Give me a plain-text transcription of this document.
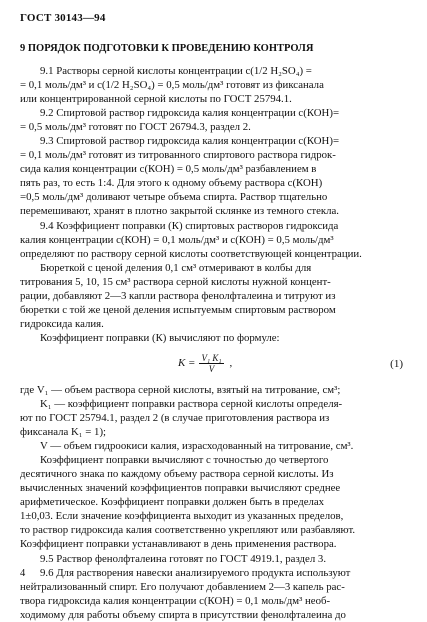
ГОСТ 30143—94
9 ПОРЯДОК ПОДГОТОВКИ К ПРОВЕДЕНИЮ КОНТРОЛЯ
9.1 Растворы серной кислоты концентрации с(1/2 H₂SO₄) =
= 0,1 моль/дм³ и с(1/2 H₂SO₄) = 0,5 моль/дм³ готовят из фиксанала
или концентрированной серной кислоты по ГОСТ 25794.1.
9.2 Спиртовой раствор гидроксида калия концентрации с(КОН)=
= 0,5 моль/дм³ готовят по ГОСТ 26794.3, раздел 2.
9.3 Спиртовой раствор гидроксида калия концентрации с(КОН)=
= 0,1 моль/дм³ готовят из титрованного спиртового раствора гидрок-
сида калия концентрации с(КОН) = 0,5 моль/дм³ разбавлением в
пять раз, то есть 1:4. Для этого к одному объему раствора с(КОН)
=0,5 моль/дм³ доливают четыре объема спирта. Раствор тщательно
перемешивают, хранят в плотно закрытой склянке из темного стекла.
9.4 Коэффициент поправки (К) спиртовых растворов гидроксида
калия концентрации с(КОН) = 0,1 моль/дм³ и с(КОН) = 0,5 моль/дм³
определяют по раствору серной кислоты соответствующей концентрации.
Бюреткой с ценой деления 0,1 см³ отмеривают в колбы для
титрования 5, 10, 15 см³ раствора серной кислоты нужной концент-
рации, добавляют 2—3 капли раствора фенолфталеина и титруют из
бюретки с той же ценой деления испытуемым спиртовым раствором
гидроксида калия.
Коэффициент поправки (К) вычисляют по формуле:
$К = \frac{\text{V₁ K₁}}{V}$ ,	(1)
где V₁ — объем раствора серной кислоты, взятый на титрование, см³;
K₁ — коэффициент поправки раствора серной кислоты определя-
ют по ГОСТ 25794.1, раздел 2 (в случае приготовления раствора из
фиксанала K₁ = 1);
V — объем гидроокиси калия, израсходованный на титрование, см³.
Коэффициент поправки вычисляют с точностью до четвертого
десятичного знака по каждому объему раствора серной кислоты. Из
вычисленных значений коэффициентов поправки вычисляют среднее
арифметическое. Коэффициент поправки должен быть в пределах
1±0,03. Если значение коэффициента выходит из указанных пределов,
то раствор гидроксида калия соответственно укрепляют или разбавляют.
Коэффициент поправки устанавливают в день применения раствора.
9.5 Раствор фенолфталеина готовят по ГОСТ 4919.1, раздел 3.
9.6 Для растворения навески анализируемого продукта используют
нейтрализованный спирт. Его получают добавлением 2—3 капель рас-
твора гидроксида калия концентрации с(КОН) = 0,1 моль/дм³ необ-
ходимому для работы объему спирта в присутствии фенолфталеина до
4
